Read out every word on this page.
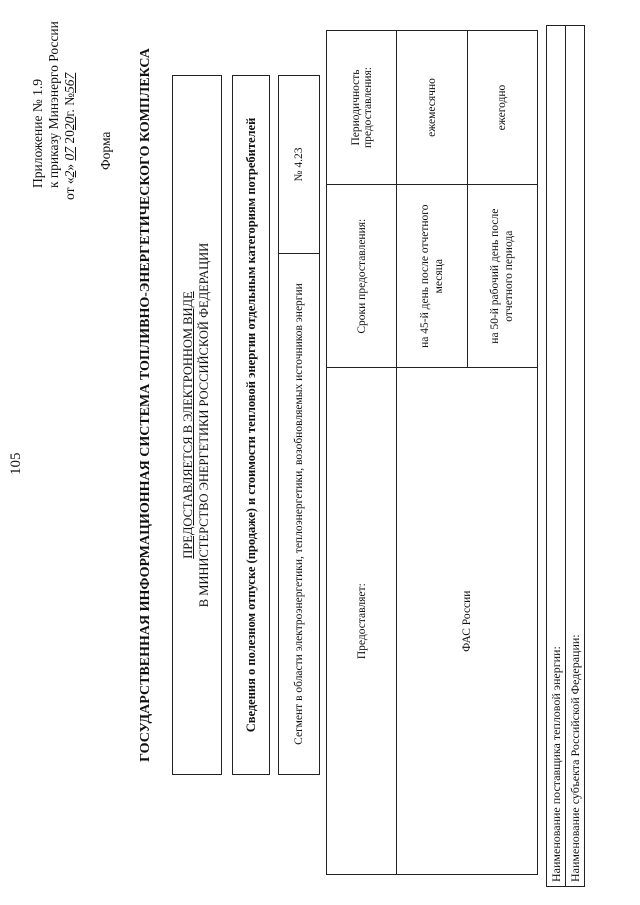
105
Приложение № 1.9 к приказу Минэнерго России
от «2» 07 2020г. №567
Форма ГОСУДАРСТВЕННАЯ ИНФОРМАЦИОННАЯ СИСТЕМА ТОПЛИВНО-ЭНЕРГЕТИЧЕСКОГО КОМПЛЕКСА ПРЕДОСТАВЛЯЕТСЯ В ЭЛЕКТРОННОМ ВИДЕ В МИНИСТЕРСТВО ЭНЕРГЕТИКИ РОССИЙСКОЙ ФЕДЕРАЦИИ	Сведения о полезном отпуске (продаже) и стоимости тепловой энергии отдельным категориям потребителей	Сегмент в области электроэнергетики, теплоэнергетики, возобновляемых источников энергии	№ 4.23
Предоставляет:	Сроки предоставления:	Периодичность предоставления:
ФАС России	на 45-й день после отчетного месяца	ежемесячно
	на 50-й рабочий день после отчетного периода	ежегодно
Наименование поставщика тепловой энергии: Наименование субъекта Российской Федерации:
